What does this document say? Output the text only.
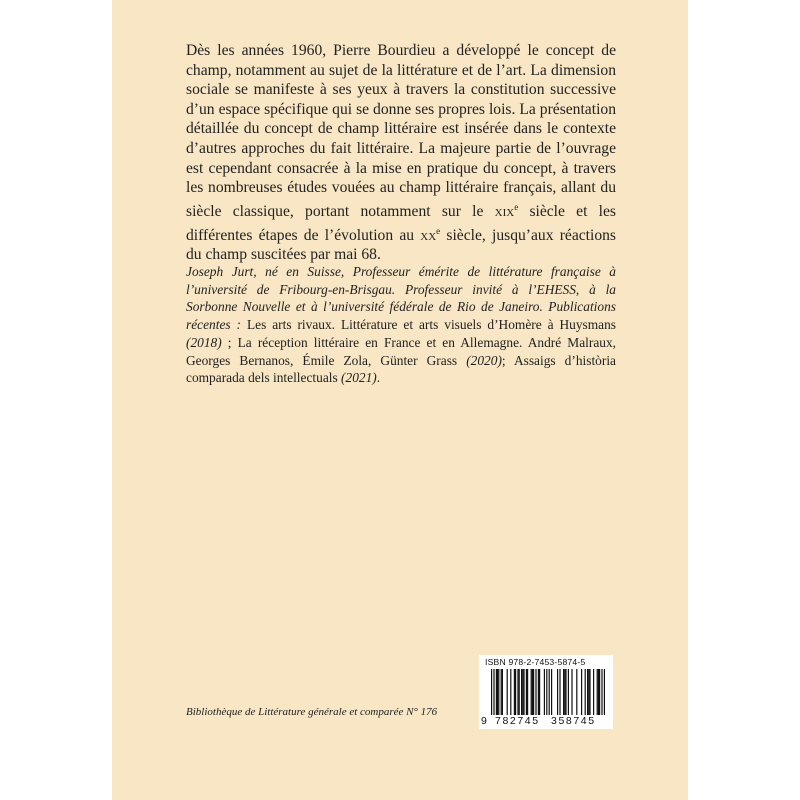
Dès les années 1960, Pierre Bourdieu a développé le concept de champ, notamment au sujet de la littérature et de l’art. La dimension sociale se manifeste à ses yeux à travers la constitution successive d’un espace spécifique qui se donne ses propres lois. La présentation détaillée du concept de champ littéraire est insérée dans le contexte d’autres approches du fait littéraire. La majeure partie de l’ouvrage est cependant consacrée à la mise en pratique du concept, à travers les nombreuses études vouées au champ littéraire français, allant du siècle classique, portant notamment sur le xix$^e$ siècle et les différentes étapes de l’évolution au $xx^e$ siècle, jusqu’aux réactions du champ suscitées par mai 68.

Joseph Jurt, né en Suisse, Professeur émérite de littérature française à l’université de Fribourg-en-Brisgau. Professeur invité à l’EHESS, à la Sorbonne Nouvelle et à l’université fédérale de Rio de Janeiro. Publications récentes : Les arts rivaux. Littérature et arts visuels d’Homère à Huysmans (2018) ; La réception littéraire en France et en Allemagne. André Malraux, Georges Bernanos, Émile Zola, Günter Grass (2020); Assaigs d’història comparada dels intellectuals (2021).

Bibliothèque de Littérature générale et comparée N° 176
ISBN 978-2-7453-5874-5
9 782745 358745
